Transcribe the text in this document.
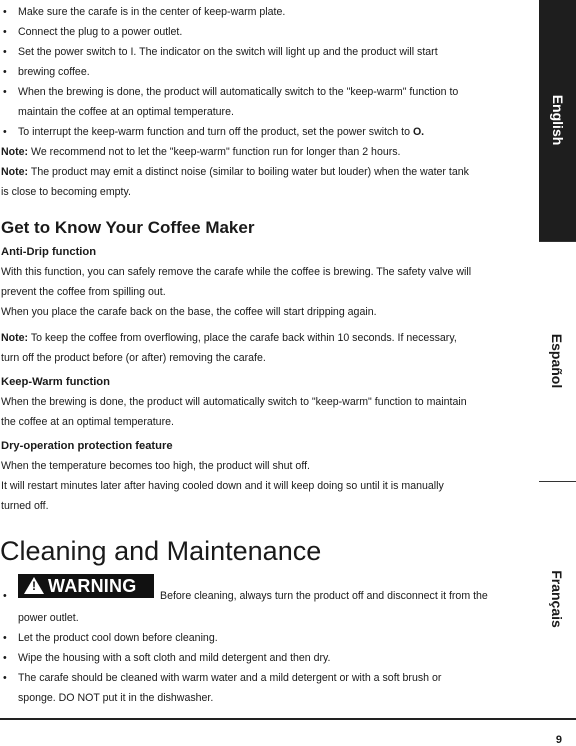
• Make sure the carafe is in the center of keep-warm plate.

• Connect the plug to a power outlet.

• Set the power switch to I. The indicator on the switch will light up and the product will start

• brewing coffee.

• When the brewing is done, the product will automatically switch to the "keep-warm" function to

maintain the coffee at an optimal temperature.

• To interrupt the keep-warm function and turn off the product, set the power switch to O.

Note: We recommend not to let the "keep-warm" function run for longer than 2 hours.

Note: The product may emit a distinct noise (similar to boiling water but louder) when the water tank

is close to becoming empty.

Get to Know Your Coffee Maker

Anti-Drip function

With this function, you can safely remove the carafe while the coffee is brewing. The safety valve will

prevent the coffee from spilling out.

When you place the carafe back on the base, the coffee will start dripping again.

Note: To keep the coffee from overflowing, place the carafe back within 10 seconds. If necessary,

turn off the product before (or after) removing the carafe.

Keep-Warm function

When the brewing is done, the product will automatically switch to "keep-warm" function to maintain

the coffee at an optimal temperature.

Dry-operation protection feature

When the temperature becomes too high, the product will shut off.

It will restart minutes later after having cooled down and it will keep doing so until it is manually

turned off.

Cleaning and Maintenance
•
! WARNING Before cleaning, always turn the product off and disconnect it from the

power outlet.

• Let the product cool down before cleaning.

• Wipe the housing with a soft cloth and mild detergent and then dry.

• The carafe should be cleaned with warm water and a mild detergent or with a soft brush or

sponge. DO NOT put it in the dishwasher.

English
Español
Français
9
